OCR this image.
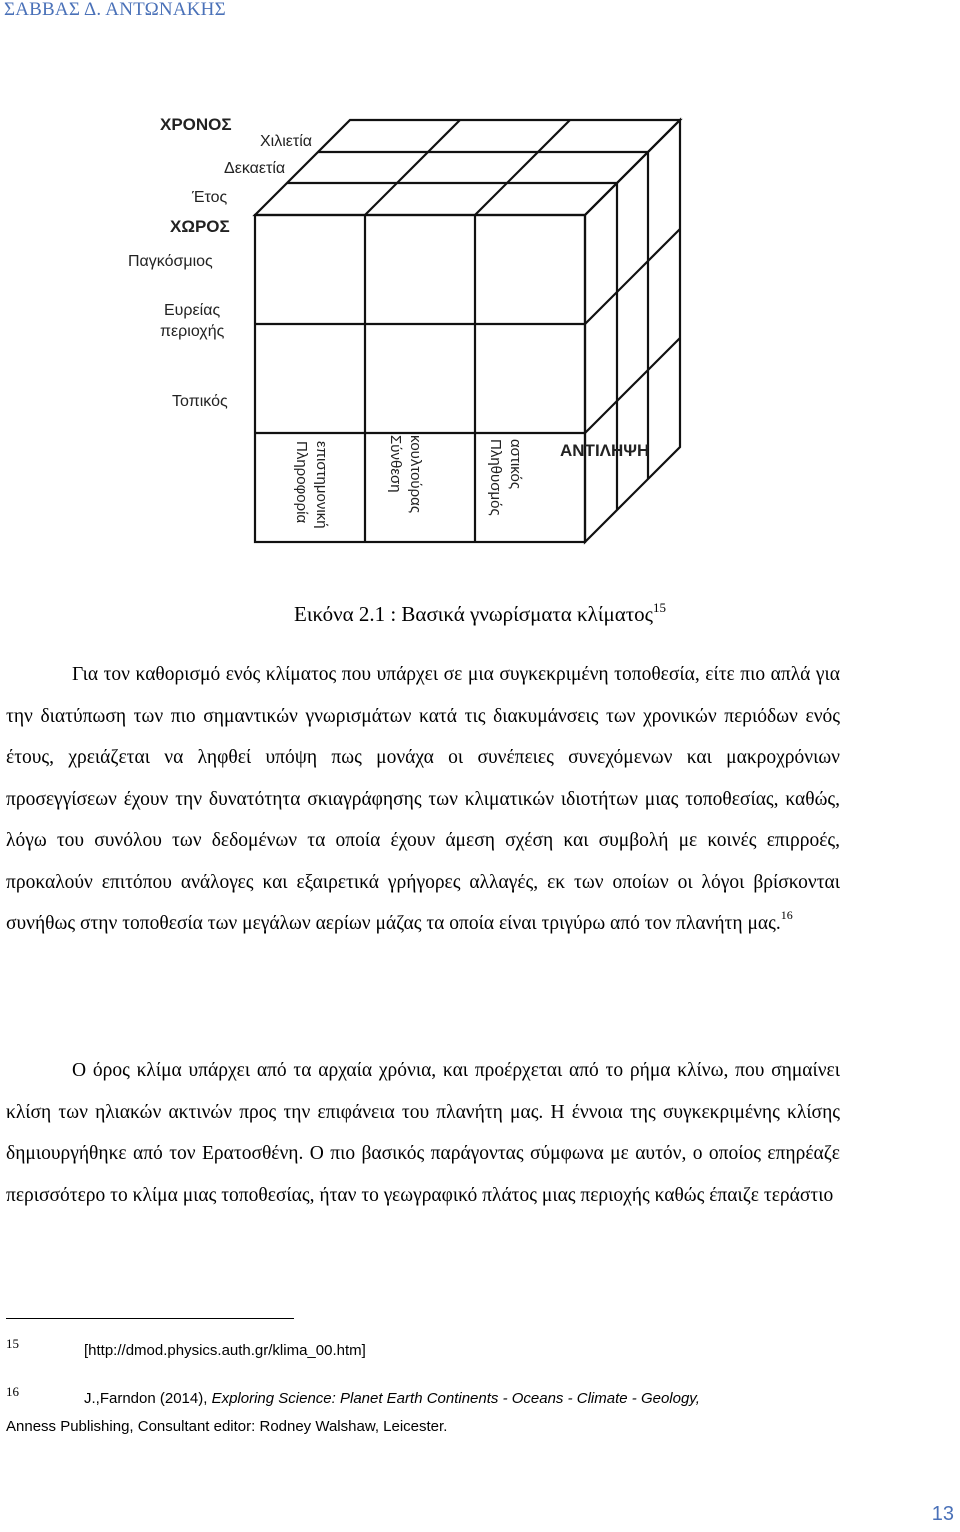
ΣΑΒΒΑΣ Δ. ΑΝΤΩΝΑΚΗΣ
ΧΡΟΝΟΣ
Χιλιετία
Δεκαετία
Έτος
ΧΩΡΟΣ
Παγκόσμιος
Ευρείας
περιοχής
Τοπικός
ΑΝΤΙΛΗΨΗ
επιστημονική
Πληροφορία	κουλτούρας
Σύνθεση	αστικός
Πληθυσμός
Εικόνα 2.1 : Βασικά γνωρίσματα κλίματος$^{15}$
Για τον καθορισμό ενός κλίματος που υπάρχει σε μια συγκεκριμένη τοποθεσία, είτε πιο απλά για την διατύπωση των πιο σημαντικών γνωρισμάτων κατά τις διακυμάνσεις των χρονικών περιόδων ενός έτους, χρειάζεται να ληφθεί υπόψη πως μονάχα οι συνέπειες συνεχόμενων και μακροχρόνιων προσεγγίσεων έχουν την δυνατότητα σκιαγράφησης των κλιματικών ιδιοτήτων μιας τοποθεσίας, καθώς, λόγω του συνόλου των δεδομένων τα οποία έχουν άμεση σχέση και συμβολή με κοινές επιρροές, προκαλούν επιτόπου ανάλογες και εξαιρετικά γρήγορες αλλαγές, εκ των οποίων οι λόγοι βρίσκονται συνήθως στην τοποθεσία των μεγάλων αερίων μάζας τα οποία είναι τριγύρω από τον πλανήτη μας.$^{16}$
Ο όρος κλίμα υπάρχει από τα αρχαία χρόνια, και προέρχεται από το ρήμα κλίνω, που σημαίνει κλίση των ηλιακών ακτινών προς την επιφάνεια του πλανήτη μας. Η έννοια της συγκεκριμένης κλίσης δημιουργήθηκε από τον Ερατοσθένη. Ο πιο βασικός παράγοντας σύμφωνα με αυτόν, ο οποίος επηρέαζε περισσότερο το κλίμα μιας τοποθεσίας, ήταν το γεωγραφικό πλάτος μιας περιοχής καθώς έπαιζε τεράστιο
15	[http://dmod.physics.auth.gr/klima_00.htm]
16	J.,Farndon (2014), Exploring Science: Planet Earth Continents - Oceans - Climate - Geology,
Anness Publishing, Consultant editor: Rodney Walshaw, Leicester.
13
